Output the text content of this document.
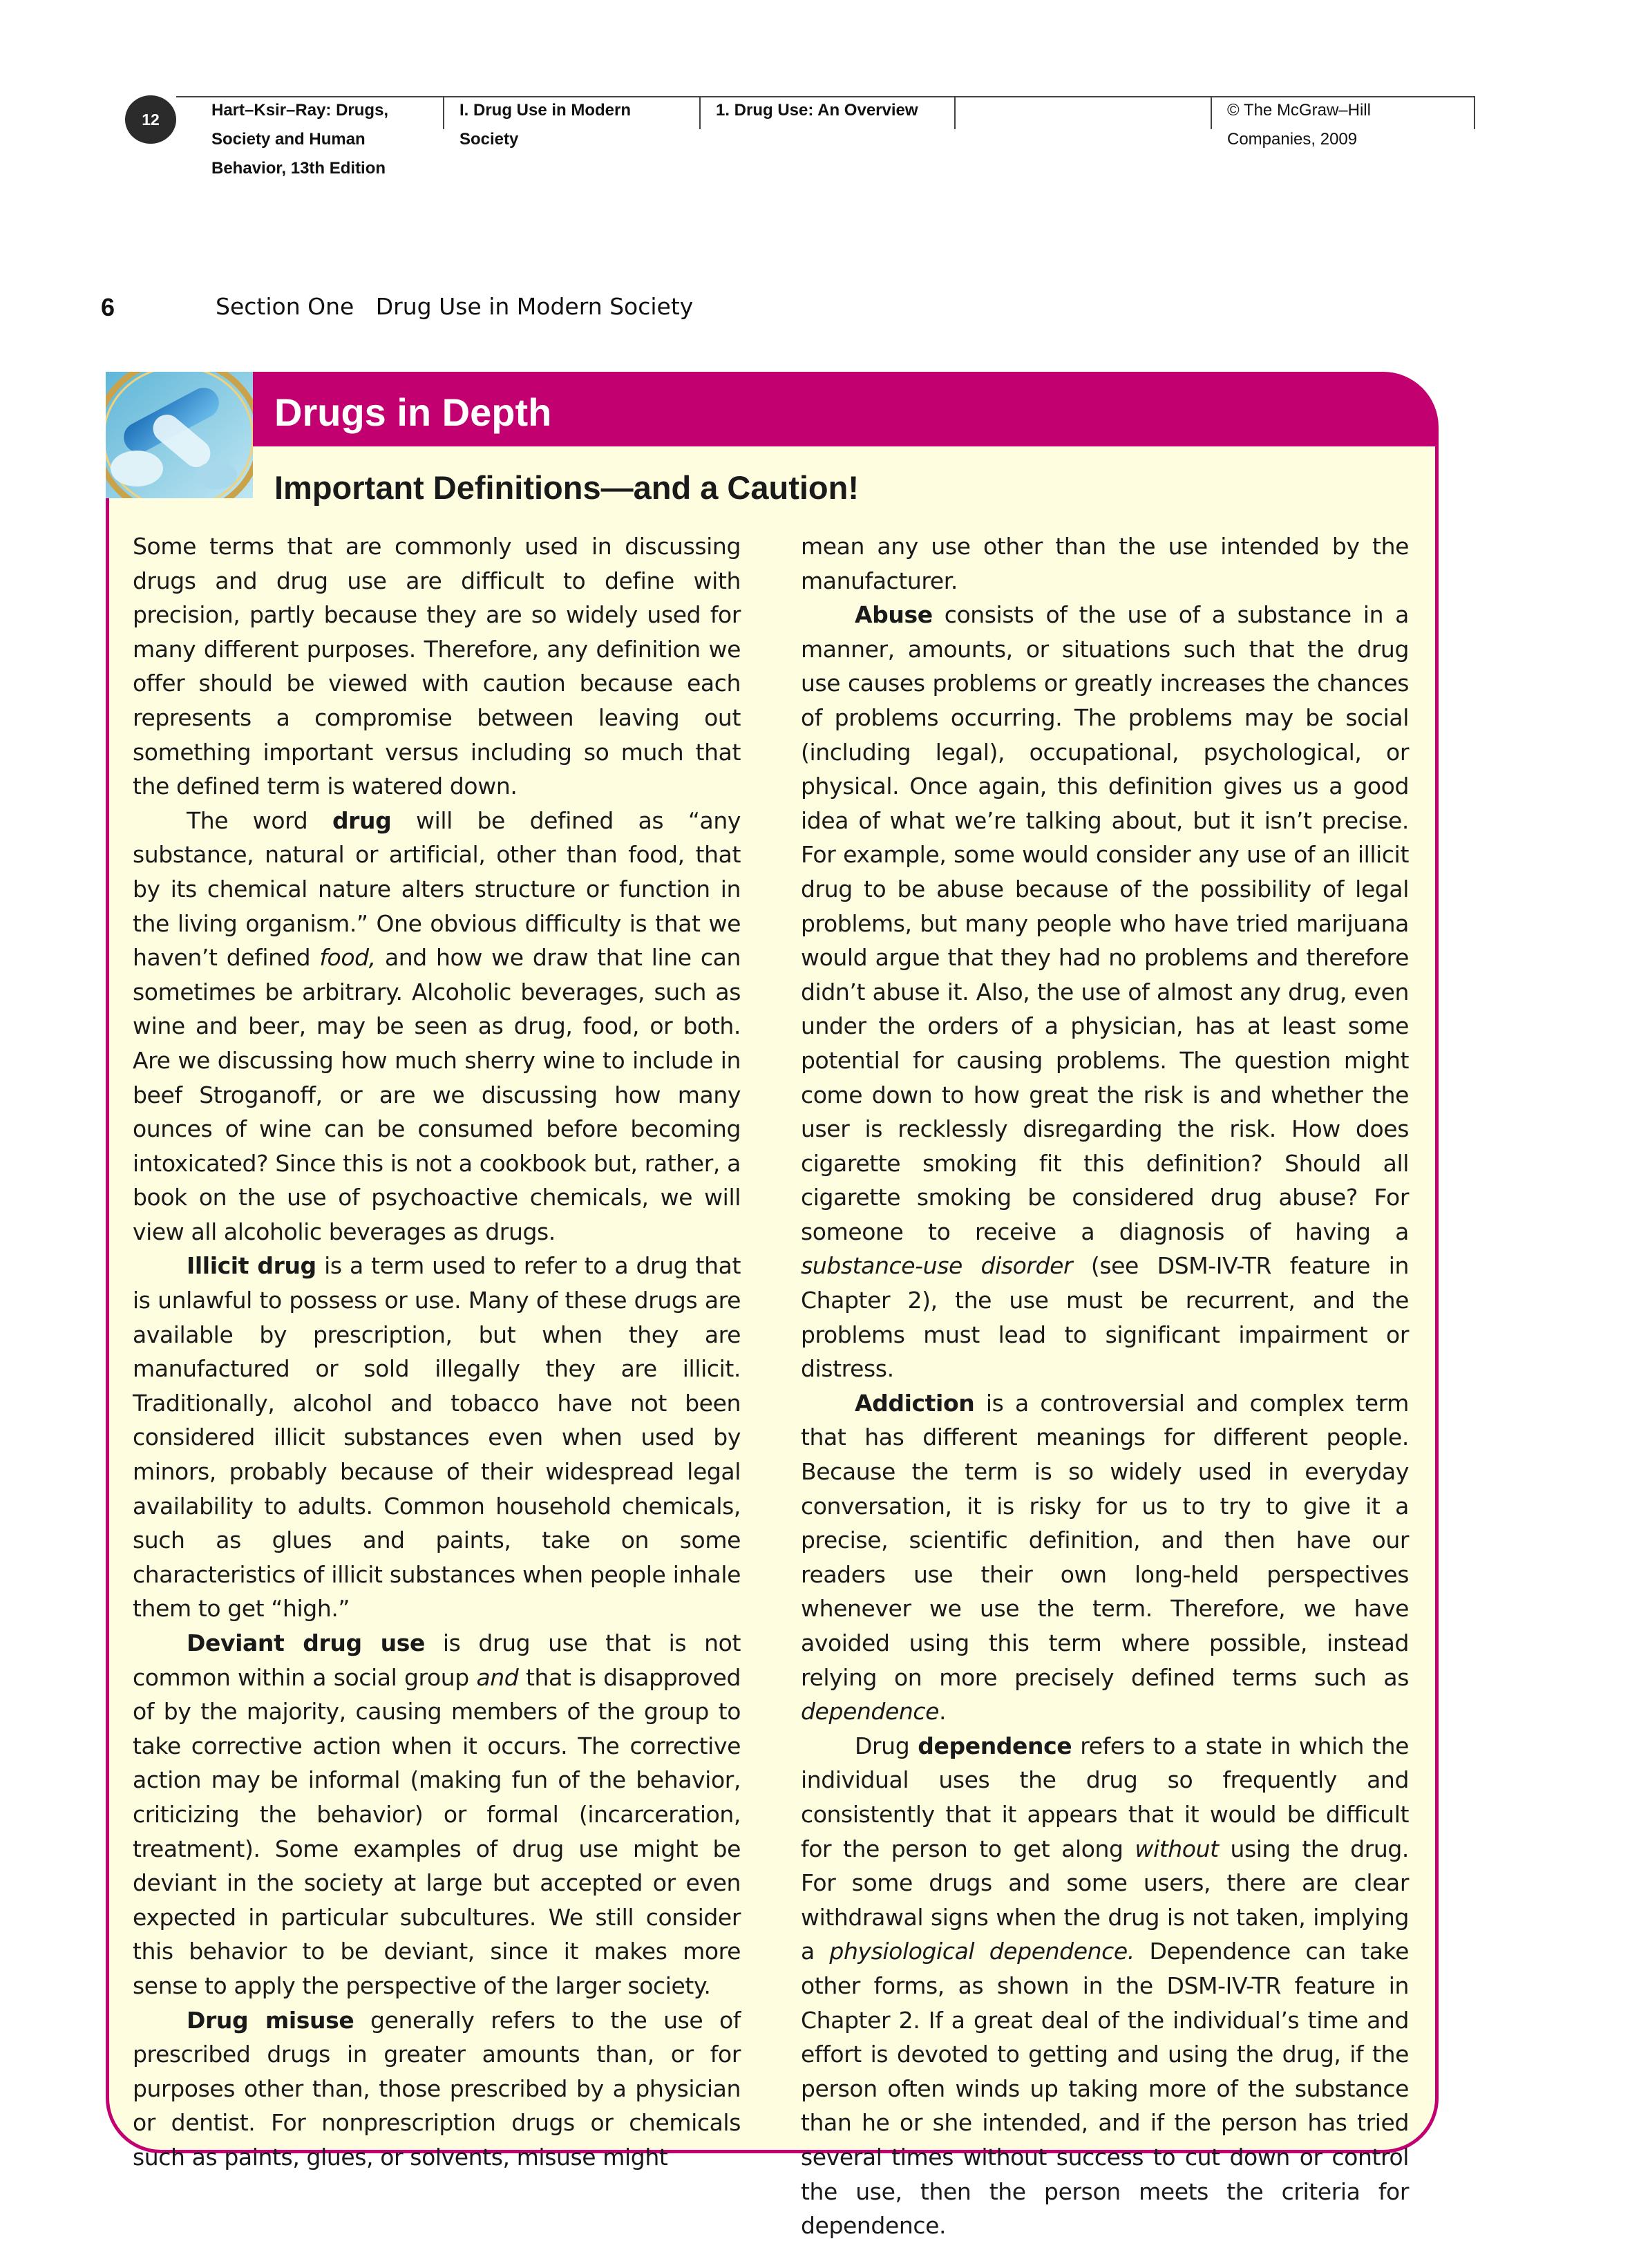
12	Hart–Ksir–Ray: Drugs,
Society and Human
Behavior, 13th Edition
I. Drug Use in Modern
Society
1. Drug Use: An Overview	© The McGraw–Hill
Companies, 2009
6	Section One   Drug Use in Modern Society
Drugs in Depth
Important Definitions—and a Caution!

Some terms that are commonly used in discussing drugs and drug use are difficult to define with precision, partly because they are so widely used for many different purposes. Therefore, any definition we offer should be viewed with caution because each represents a compromise between leaving out something important versus including so much that the defined term is watered down.

The word drug will be defined as “any substance, natural or artificial, other than food, that by its chemical nature alters structure or function in the living organism.” One obvious difficulty is that we haven’t defined food, and how we draw that line can sometimes be arbitrary. Alcoholic beverages, such as wine and beer, may be seen as drug, food, or both. Are we discussing how much sherry wine to include in beef Stroganoff, or are we discussing how many ounces of wine can be consumed before becoming intoxicated? Since this is not a cookbook but, rather, a book on the use of psychoactive chemicals, we will view all alcoholic beverages as drugs.

Illicit drug is a term used to refer to a drug that is unlawful to possess or use. Many of these drugs are available by prescription, but when they are manufactured or sold illegally they are illicit. Traditionally, alcohol and tobacco have not been considered illicit substances even when used by minors, probably because of their widespread legal availability to adults. Common household chemicals, such as glues and paints, take on some characteristics of illicit substances when people inhale them to get “high.”

Deviant drug use is drug use that is not common within a social group and that is disapproved of by the majority, causing members of the group to take corrective action when it occurs. The corrective action may be informal (making fun of the behavior, criticizing the behavior) or formal (incarceration, treatment). Some examples of drug use might be deviant in the society at large but accepted or even expected in particular subcultures. We still consider this behavior to be deviant, since it makes more sense to apply the perspective of the larger society.

Drug misuse generally refers to the use of prescribed drugs in greater amounts than, or for purposes other than, those prescribed by a physician or dentist. For nonprescription drugs or chemicals such as paints, glues, or solvents, misuse might

mean any use other than the use intended by the manufacturer.

Abuse consists of the use of a substance in a manner, amounts, or situations such that the drug use causes problems or greatly increases the chances of problems occurring. The problems may be social (including legal), occupational, psychological, or physical. Once again, this definition gives us a good idea of what we’re talking about, but it isn’t precise. For example, some would consider any use of an illicit drug to be abuse because of the possibility of legal problems, but many people who have tried marijuana would argue that they had no problems and therefore didn’t abuse it. Also, the use of almost any drug, even under the orders of a physician, has at least some potential for causing problems. The question might come down to how great the risk is and whether the user is recklessly disregarding the risk. How does cigarette smoking fit this definition? Should all cigarette smoking be considered drug abuse? For someone to receive a diagnosis of having a substance-use disorder (see DSM-IV-TR feature in Chapter 2), the use must be recurrent, and the problems must lead to significant impairment or distress.

Addiction is a controversial and complex term that has different meanings for different people. Because the term is so widely used in everyday conversation, it is risky for us to try to give it a precise, scientific definition, and then have our readers use their own long-held perspectives whenever we use the term. Therefore, we have avoided using this term where possible, instead relying on more precisely defined terms such as dependence.

Drug dependence refers to a state in which the individual uses the drug so frequently and consistently that it appears that it would be difficult for the person to get along without using the drug. For some drugs and some users, there are clear withdrawal signs when the drug is not taken, implying a physiological dependence. Dependence can take other forms, as shown in the DSM-IV-TR feature in Chapter 2. If a great deal of the individual’s time and effort is devoted to getting and using the drug, if the person often winds up taking more of the substance than he or she intended, and if the person has tried several times without success to cut down or control the use, then the person meets the criteria for dependence.
